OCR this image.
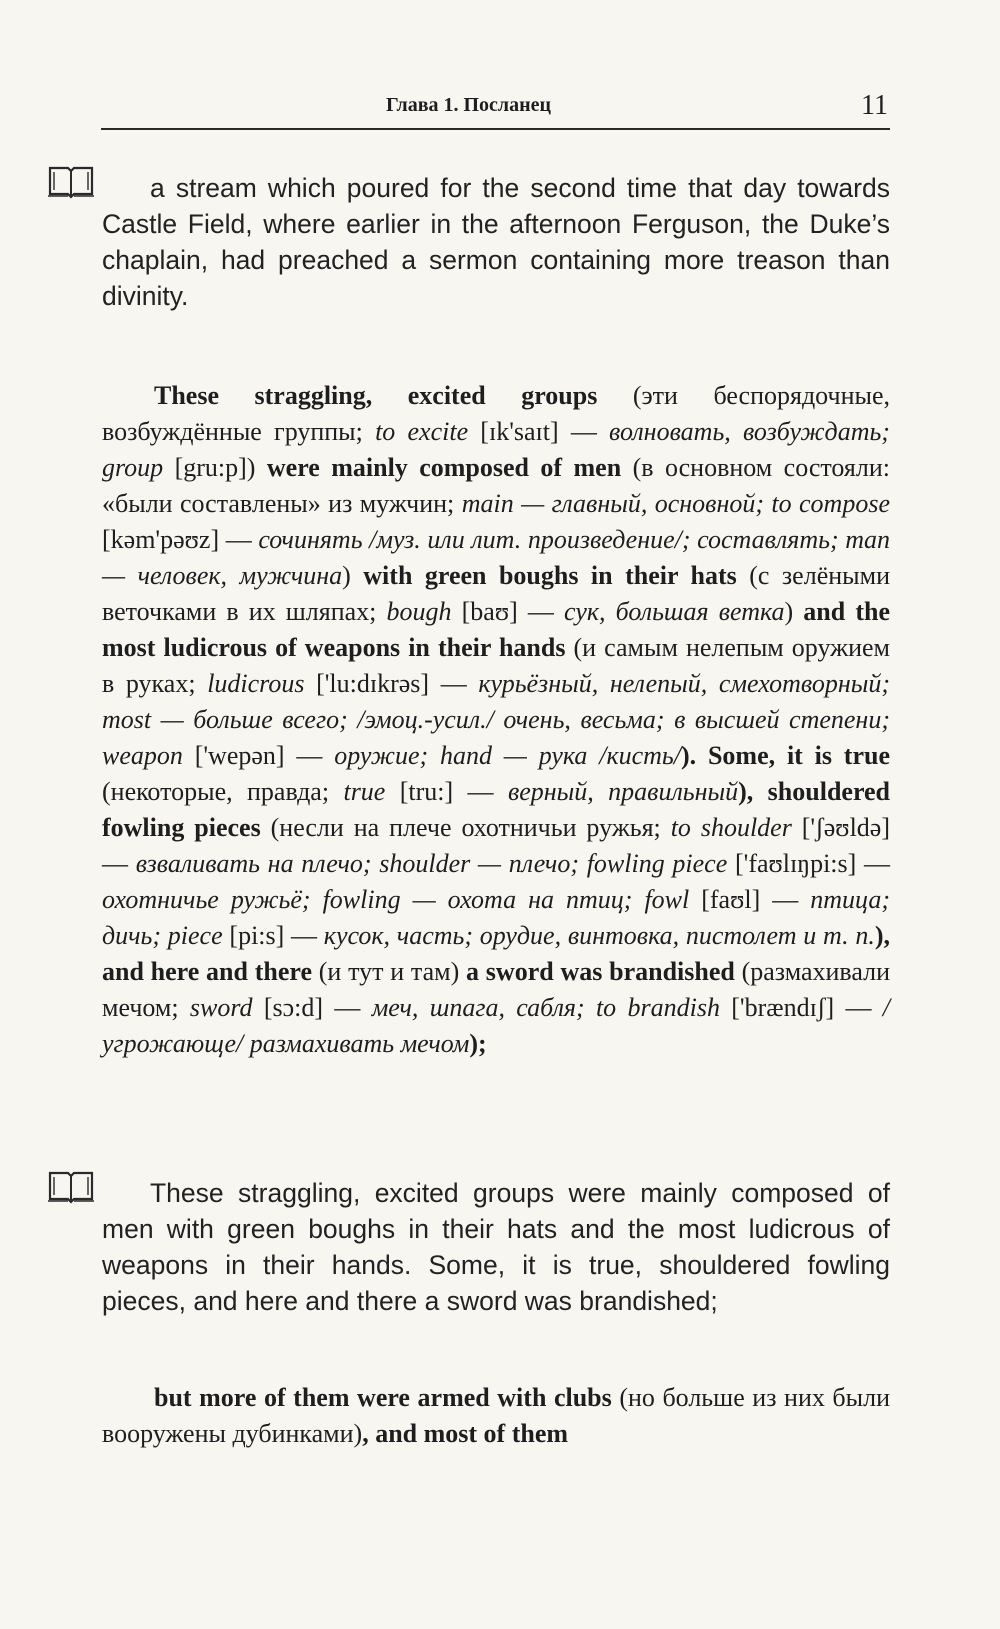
Глава 1. Посланец	11

a stream which poured for the second time that day towards Castle Field, where earlier in the afternoon Ferguson, the Duke’s chaplain, had preached a sermon containing more treason than divinity.

These straggling, excited groups (эти беспорядочные, возбуждённые группы; to excite [ɪk'saɪt] — волновать, возбуждать; group [gru:p]) were mainly composed of men (в основном состояли: «были составлены» из мужчин; main — главный, основной; to compose [kəm'pəʊz] — сочинять /муз. или лит. произведение/; составлять; man — человек, мужчина) with green boughs in their hats (с зелёными веточками в их шляпах; bough [baʊ] — сук, большая ветка) and the most ludicrous of weapons in their hands (и самым нелепым оружием в руках; ludicrous ['lu:dɪkrəs] — курьёзный, нелепый, смехотворный; most — больше всего; /эмоц.-усил./ очень, весьма; в высшей степени; weapon ['wepən] — оружие; hand — рука /кисть/). Some, it is true (некоторые, правда; true [tru:] — верный, правильный), shouldered fowling pieces (несли на плече охотничьи ружья; to shoulder ['ʃəʊldə] — взваливать на плечо; shoulder — плечо; fowling piece ['faʊlɪŋpi:s] — охотничье ружьё; fowling — охота на птиц; fowl [faʊl] — птица; дичь; piece [pi:s] — кусок, часть; орудие, винтовка, пистолет и т. п.), and here and there (и тут и там) a sword was brandished (размахивали мечом; sword [sɔ:d] — меч, шпага, сабля; to brandish ['brændɪʃ] — /угрожающе/ размахивать мечом);

These straggling, excited groups were mainly composed of men with green boughs in their hats and the most ludicrous of weapons in their hands. Some, it is true, shouldered fowling pieces, and here and there a sword was brandished;

but more of them were armed with clubs (но больше из них были вооружены дубинками), and most of them
